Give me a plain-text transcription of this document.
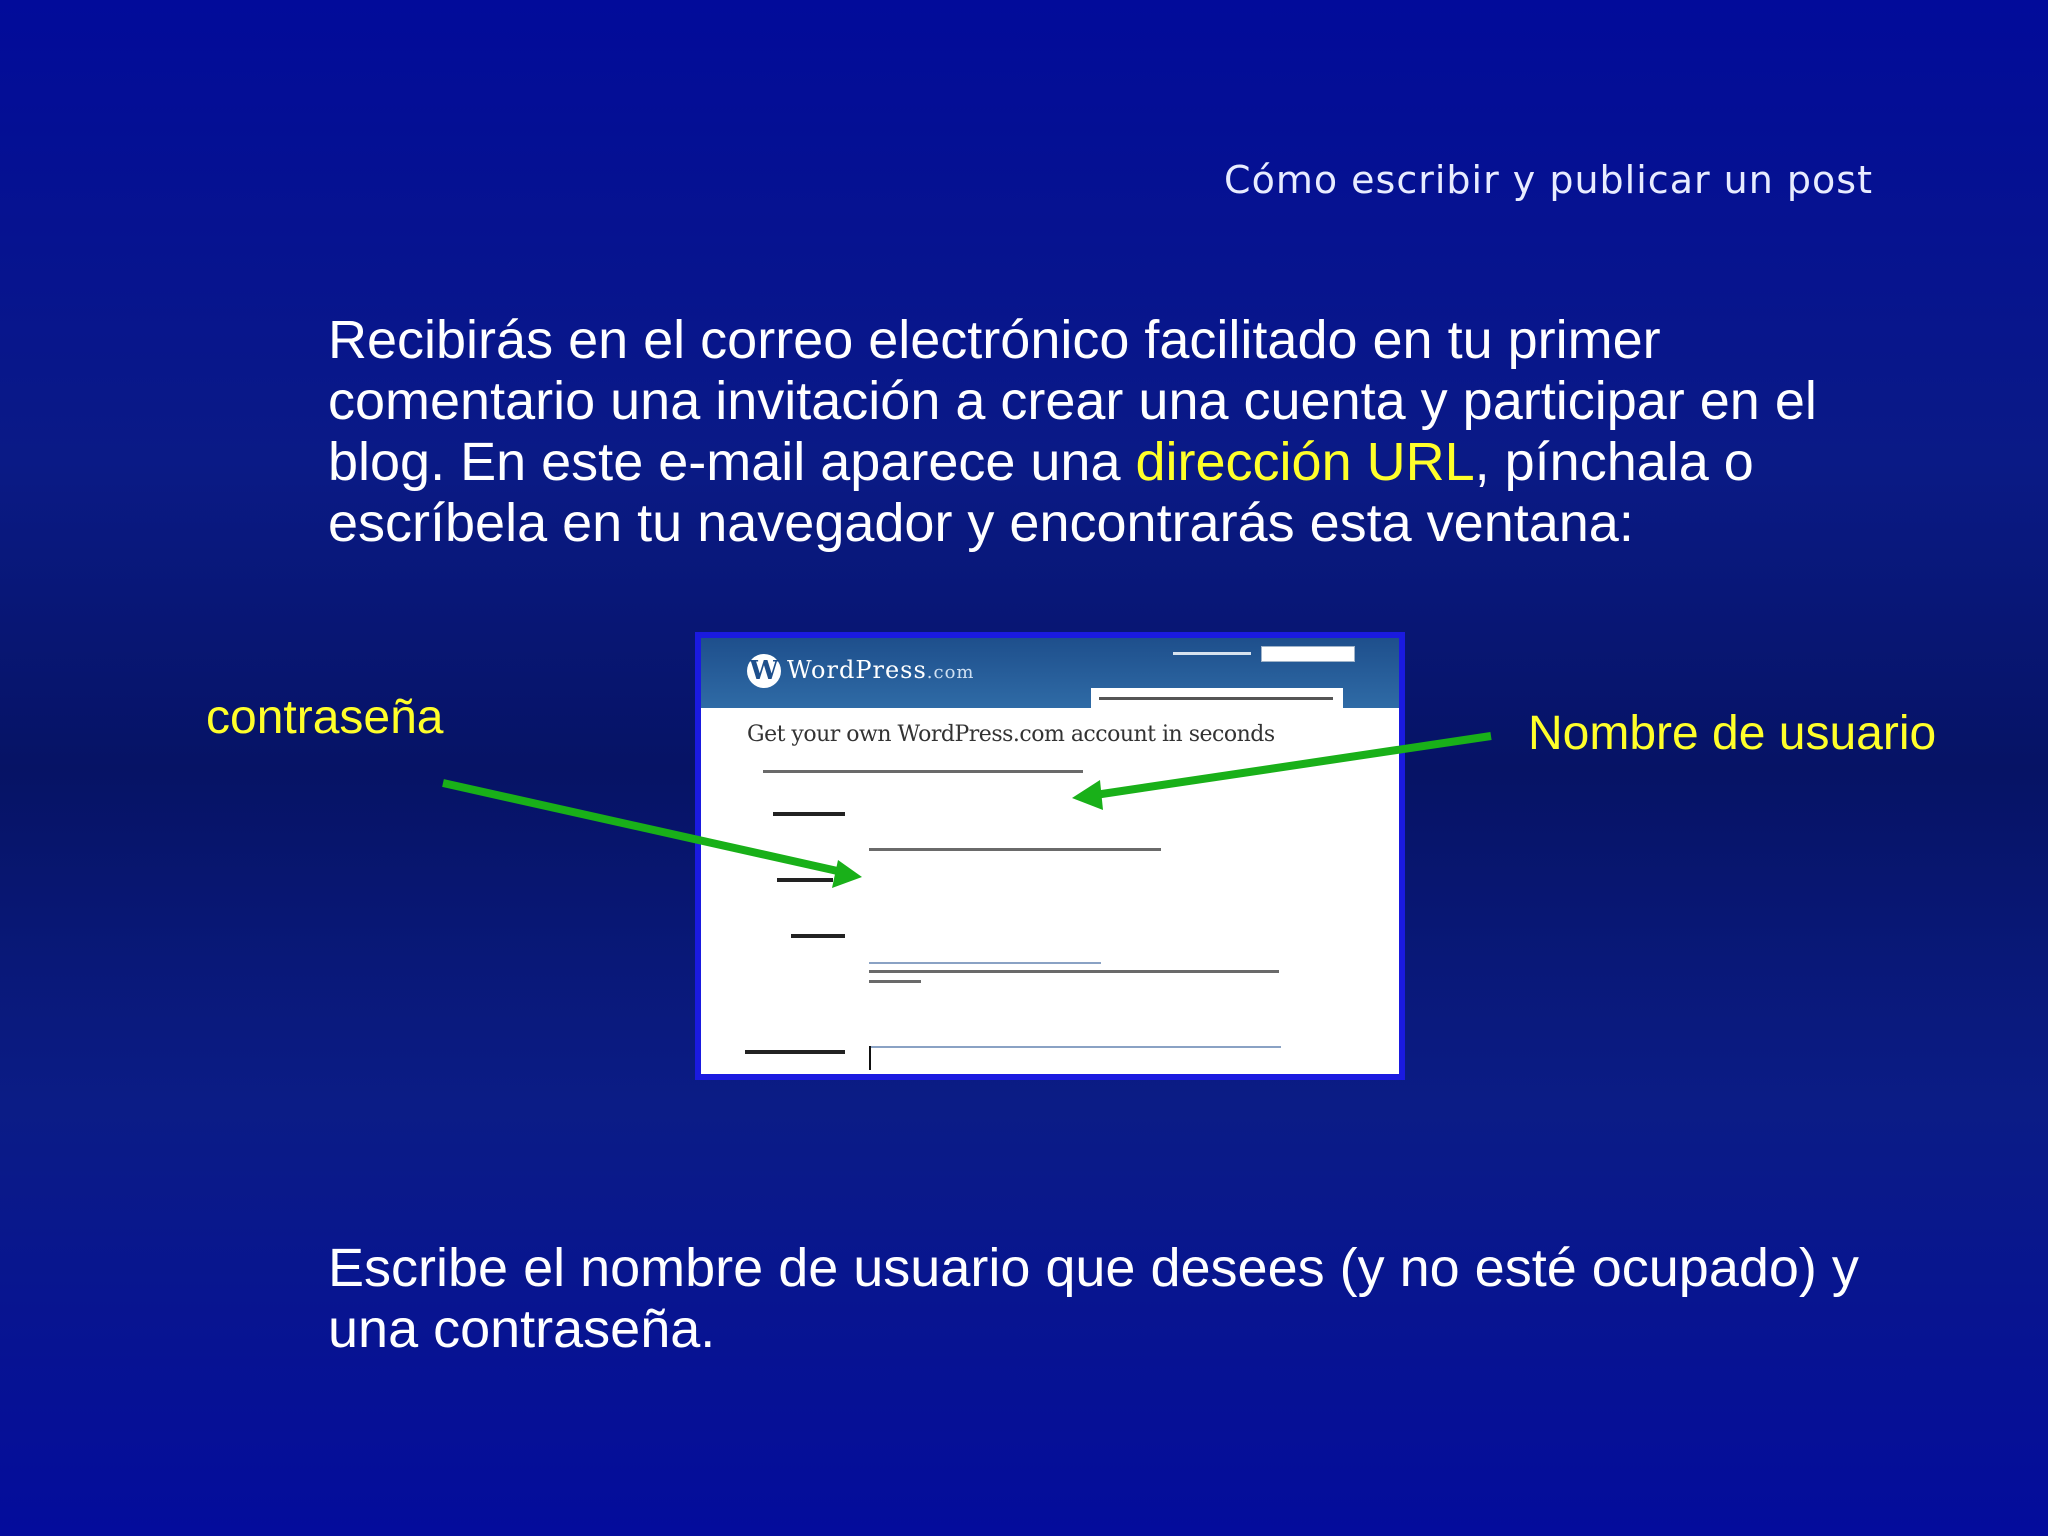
Cómo escribir y publicar un post
Recibirás en el correo electrónico facilitado en tu primer comentario una invitación a crear una cuenta y participar en el blog. En este e-mail aparece una dirección URL, pínchala o escríbela en tu navegador y encontrarás esta ventana:
contraseña	Nombre de usuario
W WordPress.com
Get your own WordPress.com account in seconds
Escribe el nombre de usuario que desees (y no esté ocupado) y una contraseña.
